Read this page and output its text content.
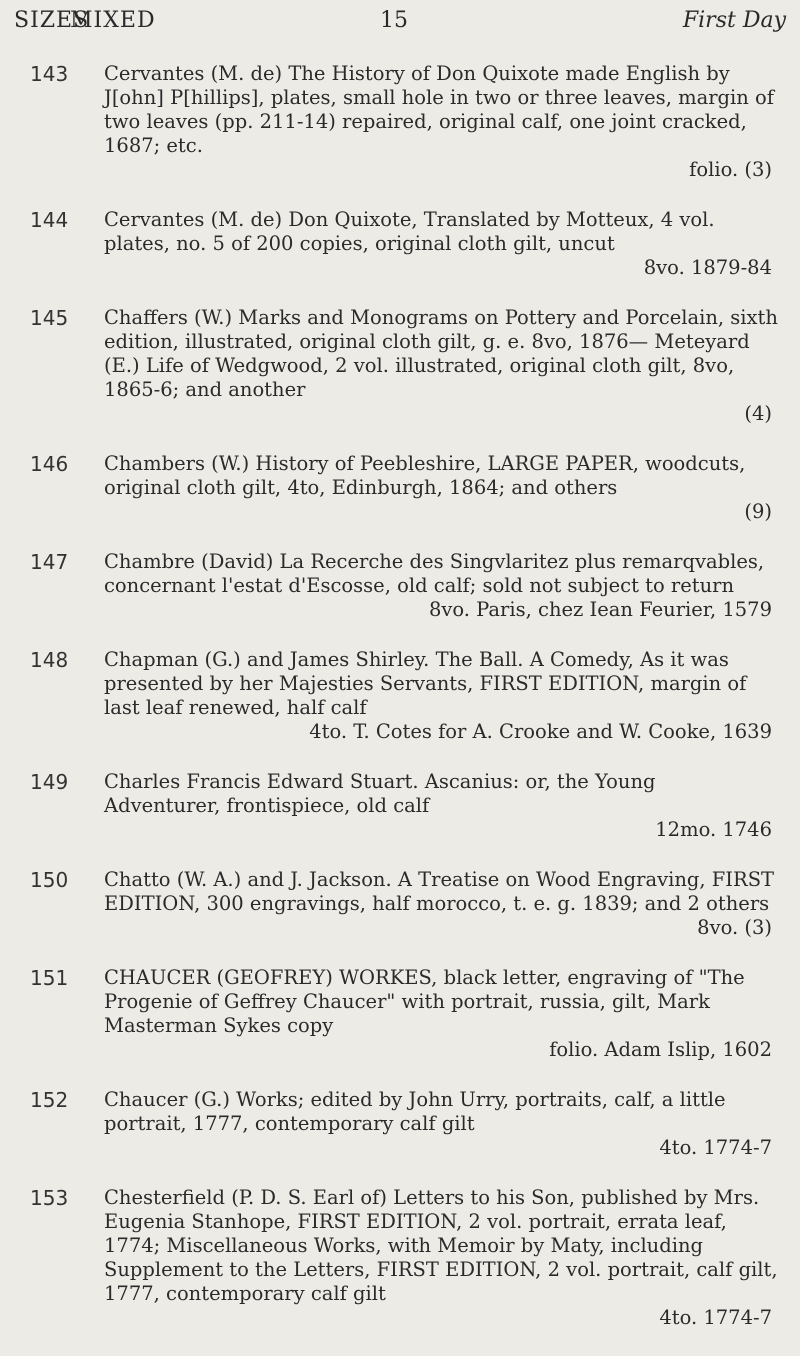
SIZES
MIXED	15	First Day
143 Cervantes (M. de) The History of Don Quixote made English by J[ohn] P[hillips], plates, small hole in two or three leaves, margin of two leaves (pp. 211-14) repaired, original calf, one joint cracked, 1687; etc.
folio. (3)
144 Cervantes (M. de) Don Quixote, Translated by Motteux, 4 vol. plates, no. 5 of 200 copies, original cloth gilt, uncut
8vo. 1879-84
145 Chaffers (W.) Marks and Monograms on Pottery and Porcelain, sixth edition, illustrated, original cloth gilt, g. e. 8vo, 1876— Meteyard (E.) Life of Wedgwood, 2 vol. illustrated, original cloth gilt, 8vo, 1865-6; and another
(4)
146 Chambers (W.) History of Peebleshire, LARGE PAPER, woodcuts, original cloth gilt, 4to, Edinburgh, 1864; and others
(9)
147 Chambre (David) La Recerche des Singvlaritez plus remarqvables, concernant l'estat d'Escosse, old calf; sold not subject to return
8vo. Paris, chez Iean Feurier, 1579
148 Chapman (G.) and James Shirley. The Ball. A Comedy, As it was presented by her Majesties Servants, FIRST EDITION, margin of last leaf renewed, half calf
4to. T. Cotes for A. Crooke and W. Cooke, 1639
149 Charles Francis Edward Stuart. Ascanius: or, the Young Adventurer, frontispiece, old calf
12mo. 1746
150 Chatto (W. A.) and J. Jackson. A Treatise on Wood Engraving, FIRST EDITION, 300 engravings, half morocco, t. e. g. 1839; and 2 others
8vo. (3)
151 CHAUCER (GEOFREY) WORKES, black letter, engraving of "The Progenie of Geffrey Chaucer" with portrait, russia, gilt, Mark Masterman Sykes copy
folio. Adam Islip, 1602
152 Chaucer (G.) Works; edited by John Urry, portraits, calf, a little portrait, 1777, contemporary calf gilt
4to. 1774-7
153 Chesterfield (P. D. S. Earl of) Letters to his Son, published by Mrs. Eugenia Stanhope, FIRST EDITION, 2 vol. portrait, errata leaf, 1774; Miscellaneous Works, with Memoir by Maty, including Supplement to the Letters, FIRST EDITION, 2 vol. portrait, calf gilt, 1777, contemporary calf gilt
4to. 1774-7
